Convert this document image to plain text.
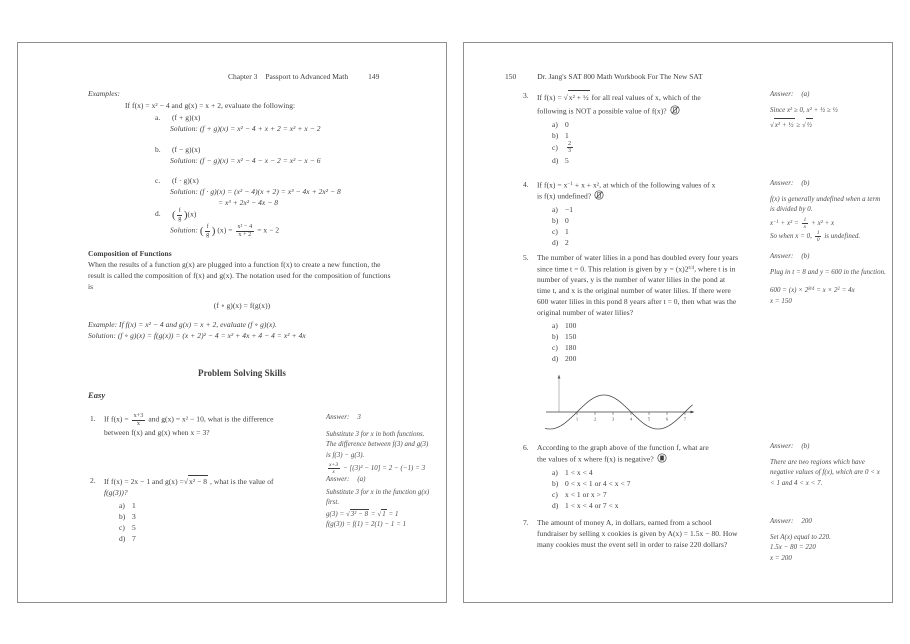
Chapter 3 Passport to Advanced Math	149
Examples:
If f(x) = x² − 4 and g(x) = x + 2, evaluate the following:
a. (f + g)(x)
Solution: (f + g)(x) = x² − 4 + x + 2 = x² + x − 2
b. (f − g)(x)
Solution: (f − g)(x) = x² − 4 − x − 2 = x² − x − 6
c. (f · g)(x)
Solution: (f · g)(x) = (x² − 4)(x + 2) = x³ − 4x + 2x² − 8
= x³ + 2x² − 4x − 8
d. ( $\frac{f}{g} )(x)$
Solution: ( $\frac{f}{g}$ ) $(x) = \frac{\text{x² − 4}}{x + 2} = x - 2$
Composition of Functions
When the results of a function g(x) are plugged into a function f(x) to create a new function, the result is called the composition of f(x) and g(x). The notation used for the composition of functions is
(f ∘ g)(x) = f(g(x))
Example: If f(x) = x² − 4 and g(x) = x + 2, evaluate (f ∘ g)(x).
Solution: (f ∘ g)(x) = f(g(x)) = (x + 2)² − 4 = x² + 4x + 4 − 4 = x² + 4x
Problem Solving Skills
Easy
1.	If $f(x) = \frac{x+3}{x}$ and g(x) = x² − 10, what is the difference
between f(x) and g(x) when x = 3?
Answer: 3
Substitute 3 for x in both functions. The difference between f(3) and g(3) is f(3) − g(3).
$\frac{x+3}{x} - [(3)^2 - 10] = 2 - (-1) = 3$
2.	If f(x) = 2x − 1 and g(x) =√x² − 8 , what is the value of
f(g(3))?
a) 1
b) 3
c) 5
d) 7
Answer: (a)
Substitute 3 for x in the function g(x) first.
g(3) = √3² − 8 = √1 = 1
f(g(3)) = f(1) = 2(1) − 1 = 1
150	Dr. Jang's SAT 800 Math Workbook For The New SAT
3.	If f(x) = √x² + ½ for all real values of x, which of the
following is NOT a possible value of f(x)?
a) 0
b) 1
c)	$\frac{2}{3}$
d) 5
Answer: (a)
Since x² ≥ 0, x² + ½ ≥ ½
√x² + ½ ≥ √½
4.	If $f(x) = x^{-1} + x + x^2$, at which of the following values of x
is f(x) undefined?
a) −1
b) 0
c) 1
d) 2
Answer: (b)
f(x) is generally undefined when a term is divided by 0.
$x^{-1} + x^2 = \frac{1}{x} + x^2 + x$
So when x = 0, $\frac{1}{0}$ is undefined.
5.	The number of water lilies in a pond has doubled every four years since time t = 0. This relation is given by $y = (x)2^{t/4}$, where t is in number of years, y is the number of water lilies in the pond at time t, and x is the original number of water lilies. If there were 600 water lilies in this pond 8 years after t = 0, then what was the original number of water lilies?
a) 100
b) 150
c) 180
d) 200
Answer: (b)
Plug in t = 8 and y = 600 in the function.
$600 = (x) \times 2^{8/4} = x \times 2^2 = 4x$
x = 150
1	2	3	4	5	6	7
6.	According to the graph above of the function f, what are
the values of x where f(x) is negative?
a) 1 < x < 4
b) 0 < x < 1 or 4 < x < 7
c) x < 1 or x > 7
d) 1 < x < 4 or 7 < x
Answer: (b)
There are two regions which have negative values of f(x), which are 0 < x < 1 and 4 < x < 7.
7.	The amount of money A, in dollars, earned from a school fundraiser by selling x cookies is given by A(x) = 1.5x − 80. How many cookies must the event sell in order to raise 220 dollars?
Answer: 200
Set A(x) equal to 220.
1.5x − 80 = 220
x = 200
